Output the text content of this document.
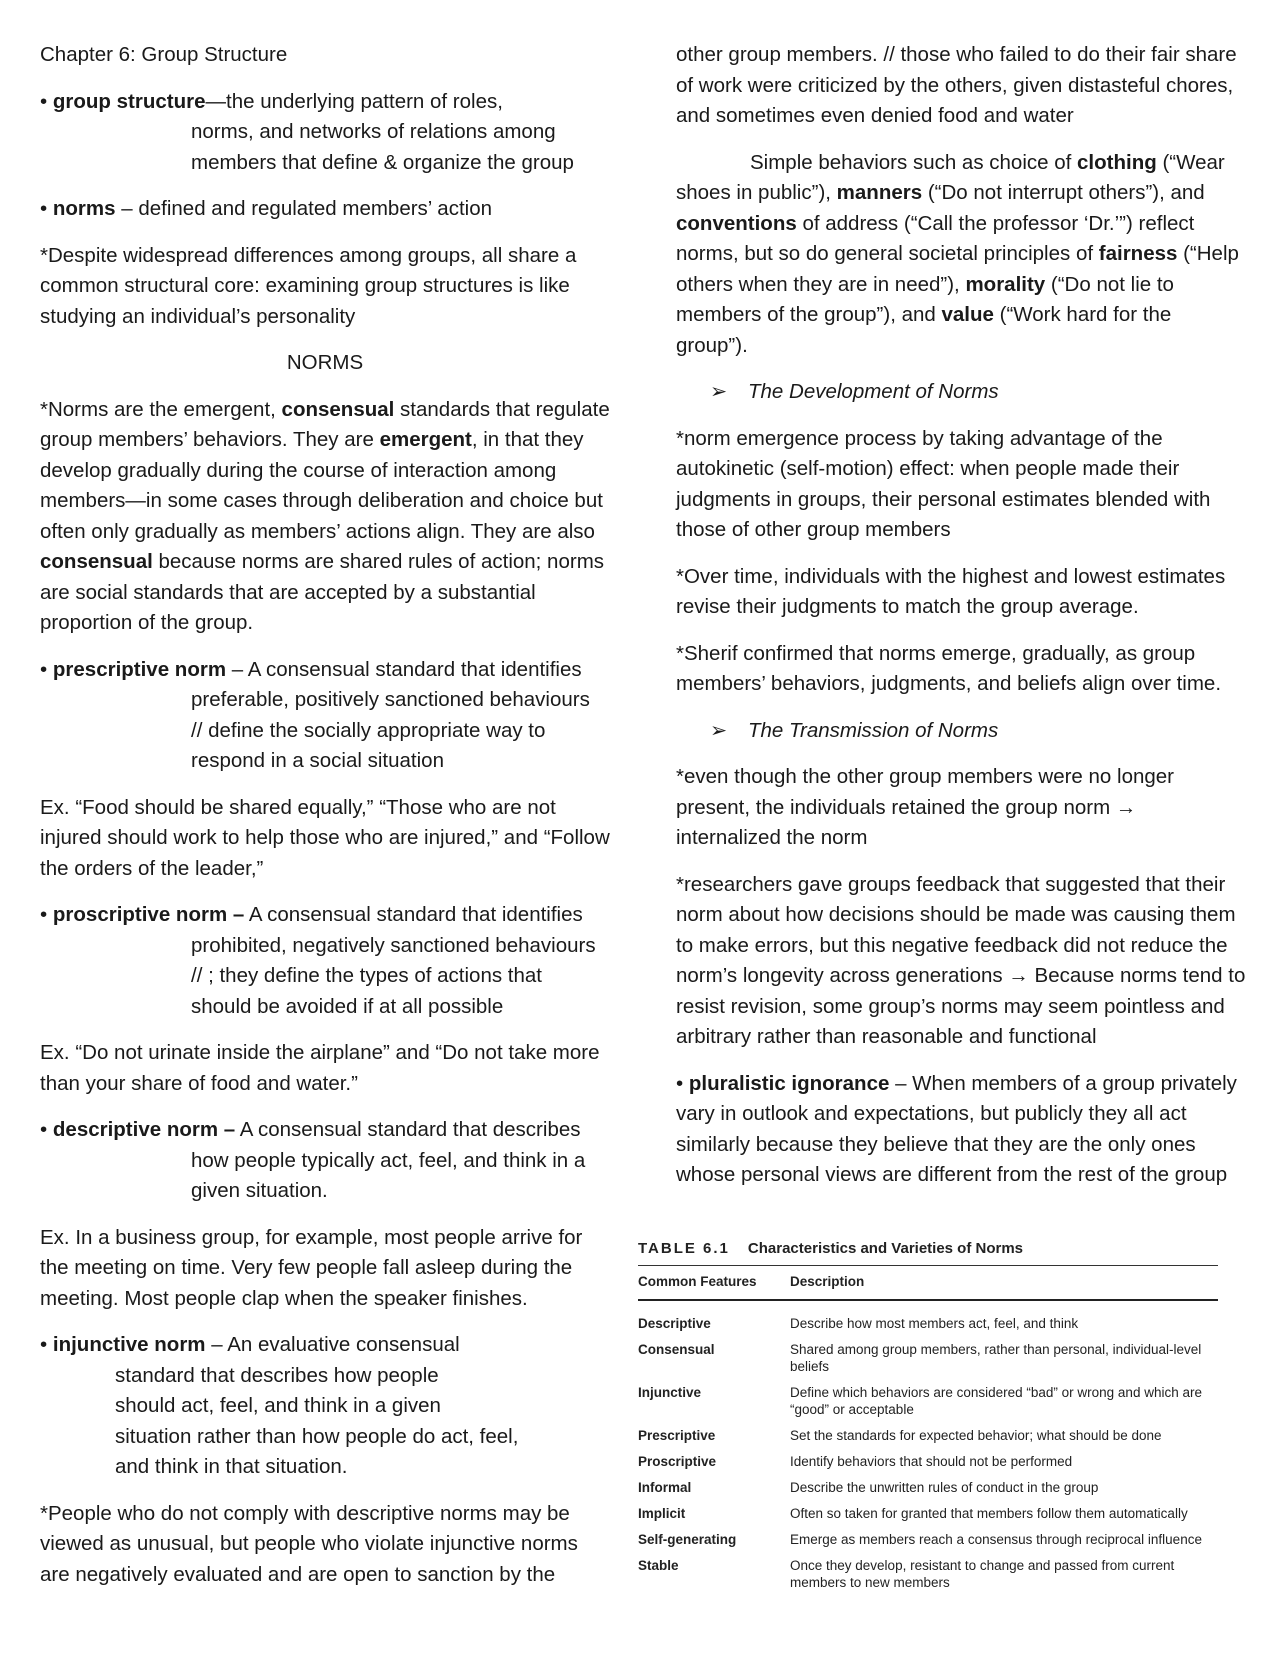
Chapter 6: Group Structure

• group structure—the underlying pattern of roles,
norms, and networks of relations among
members that define & organize the group

• norms – defined and regulated members’ action

*Despite widespread differences among groups, all share a common structural core: examining group structures is like studying an individual’s personality

NORMS

*Norms are the emergent, consensual standards that regulate group members’ behaviors. They are emergent, in that they develop gradually during the course of interaction among members—in some cases through deliberation and choice but often only gradually as members’ actions align. They are also consensual because norms are shared rules of action; norms are social standards that are accepted by a substantial proportion of the group.

• prescriptive norm – A consensual standard that identifies
preferable, positively sanctioned behaviours
// define the socially appropriate way to
respond in a social situation

Ex. “Food should be shared equally,” “Those who are not injured should work to help those who are injured,” and “Follow the orders of the leader,”

• proscriptive norm – A consensual standard that identifies
prohibited, negatively sanctioned behaviours
// ; they define the types of actions that
should be avoided if at all possible

Ex. “Do not urinate inside the airplane” and “Do not take more than your share of food and water.”

• descriptive norm – A consensual standard that describes
how people typically act, feel, and think in a
given situation.

Ex. In a business group, for example, most people arrive for the meeting on time. Very few people fall asleep during the meeting. Most people clap when the speaker finishes.

• injunctive norm – An evaluative consensual
standard that describes how people
should act, feel, and think in a given
situation rather than how people do act, feel,
and think in that situation.

*People who do not comply with descriptive norms may be viewed as unusual, but people who violate injunctive norms are negatively evaluated and are open to sanction by the

other group members. // those who failed to do their fair share of work were criticized by the others, given distasteful chores, and sometimes even denied food and water

Simple behaviors such as choice of clothing (“Wear shoes in public”), manners (“Do not interrupt others”), and conventions of address (“Call the professor ‘Dr.’”) reflect norms, but so do general societal principles of fairness (“Help others when they are in need”), morality (“Do not lie to members of the group”), and value (“Work hard for the group”).

➢ The Development of Norms

*norm emergence process by taking advantage of the autokinetic (self-motion) effect: when people made their judgments in groups, their personal estimates blended with those of other group members

*Over time, individuals with the highest and lowest estimates revise their judgments to match the group average.

*Sherif confirmed that norms emerge, gradually, as group members’ behaviors, judgments, and beliefs align over time.

➢ The Transmission of Norms

*even though the other group members were no longer present, the individuals retained the group norm → internalized the norm

*researchers gave groups feedback that suggested that their norm about how decisions should be made was causing them to make errors, but this negative feedback did not reduce the norm’s longevity across generations → Because norms tend to resist revision, some group’s norms may seem pointless and arbitrary rather than reasonable and functional

• pluralistic ignorance – When members of a group privately vary in outlook and expectations, but publicly they all act similarly because they believe that they are the only ones whose personal views are different from the rest of the group

TABLE 6.1 Characteristics and Varieties of Norms
Common Features	Description
Descriptive	Describe how most members act, feel, and think
Consensual	Shared among group members, rather than personal, individual-level beliefs
Injunctive	Define which behaviors are considered “bad” or wrong and which are “good” or acceptable
Prescriptive	Set the standards for expected behavior; what should be done
Proscriptive	Identify behaviors that should not be performed
Informal	Describe the unwritten rules of conduct in the group
Implicit	Often so taken for granted that members follow them automatically
Self-generating	Emerge as members reach a consensus through reciprocal influence
Stable	Once they develop, resistant to change and passed from current members to new members
